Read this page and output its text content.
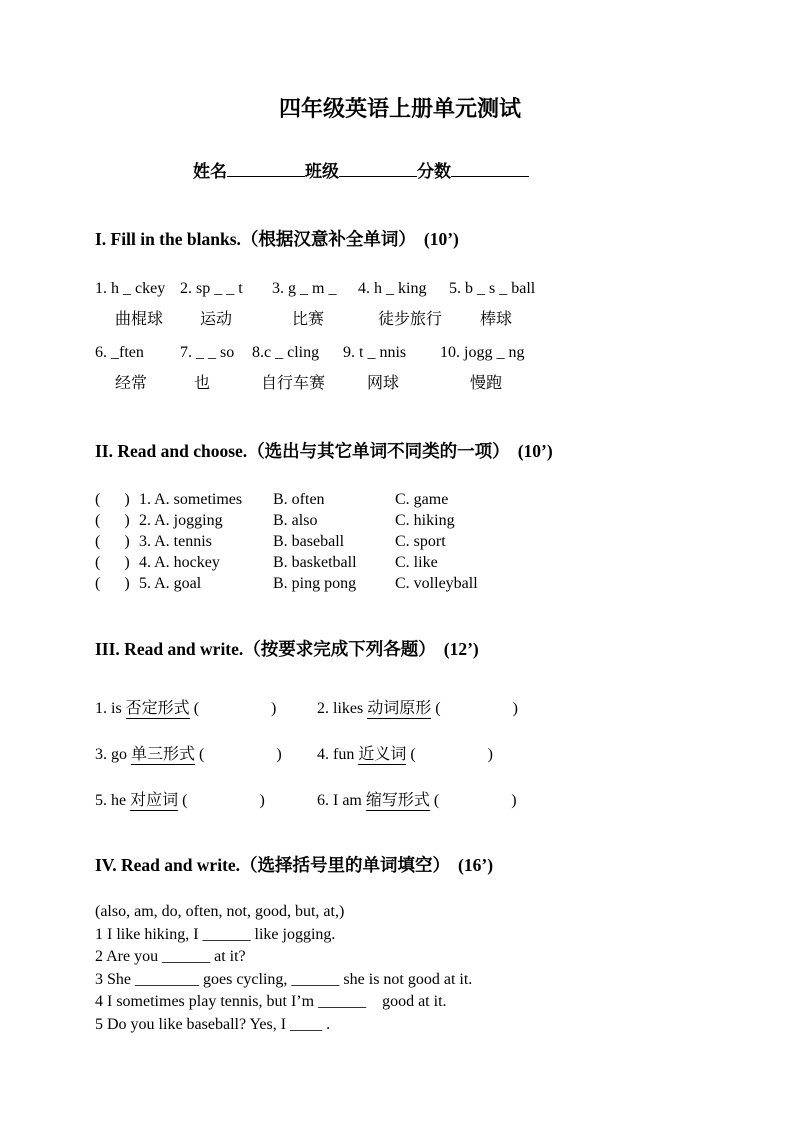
四年级英语上册单元测试
姓名	班级	分数
I. Fill in the blanks.（根据汉意补全单词） (10’)
1. h _ ckey
曲棍球
2. sp _ _ t
运动
3. g _ m _
比赛
4. h _ king
徒步旅行
5. b _ s _ ball
棒球
6. _ften
经常
7. _ _ so
也
8.c _ cling
自行车赛
9. t _ nnis
网球
10. jogg _ ng
慢跑
II. Read and choose.（选出与其它单词不同类的一项） (10’)
(      ) 1. A. sometimes	B. often	C. game
(      ) 2. A. jogging	B. also	C. hiking
(      ) 3. A. tennis	B. baseball	C. sport
(      ) 4. A. hockey	B. basketball	C. like
(      ) 5. A. goal	B. ping pong	C. volleyball
III. Read and write.（按要求完成下列各题） (12’)
1. is 否定形式 (                  )	2. likes 动词原形 (                  )
3. go 单三形式 (                  )	4. fun 近义词 (                  )
5. he 对应词 (                  )	6. I am 缩写形式 (                  )
IV. Read and write.（选择括号里的单词填空） (16’)
(also, am, do, often, not, good, but, at,)
1 I like hiking, I ______ like jogging.
2 Are you ______ at it?
3 She ________ goes cycling, ______ she is not good at it.
4 I sometimes play tennis, but I’m ______    good at it.
5 Do you like baseball? Yes, I ____ .
